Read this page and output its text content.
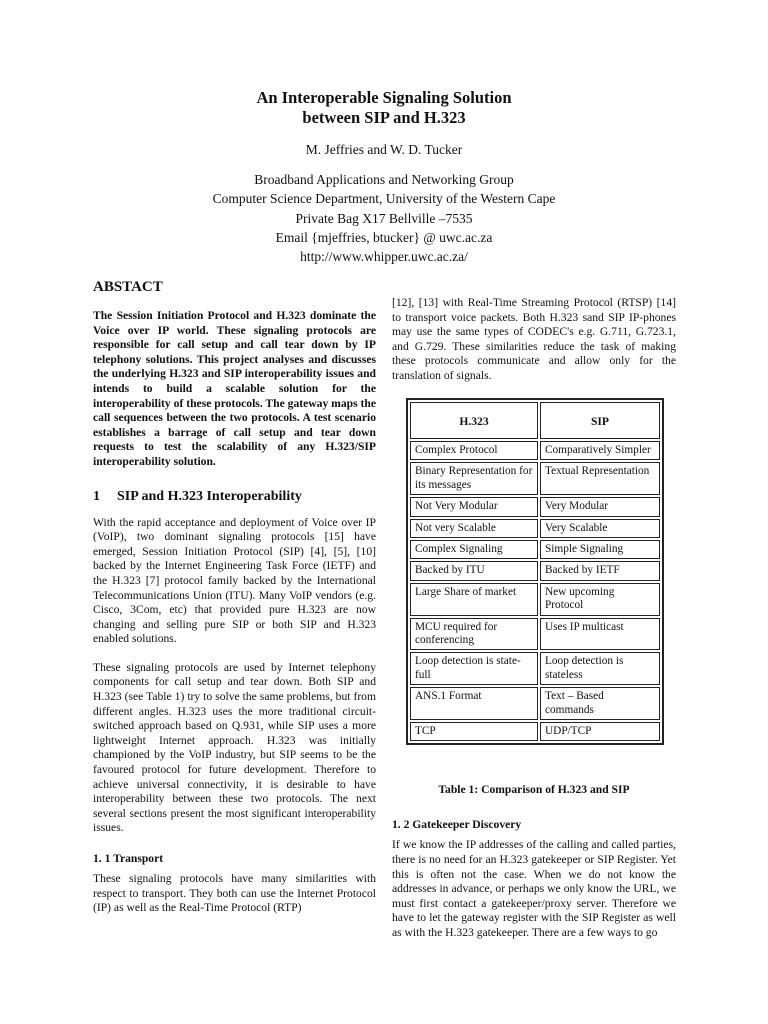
An Interoperable Signaling Solution
between SIP and H.323
M. Jeffries and W. D. Tucker
Broadband Applications and Networking Group
Computer Science Department, University of the Western Cape
Private Bag X17 Bellville –7535
Email {mjeffries, btucker} @ uwc.ac.za
http://www.whipper.uwc.ac.za/
ABSTACT

The Session Initiation Protocol and H.323 dominate the Voice over IP world. These signaling protocols are responsible for call setup and call tear down by IP telephony solutions. This project analyses and discusses the underlying H.323 and SIP interoperability issues and intends to build a scalable solution for the interoperability of these protocols. The gateway maps the call sequences between the two protocols. A test scenario establishes a barrage of call setup and tear down requests to test the scalability of any H.323/SIP interoperability solution.

1 SIP and H.323 Interoperability

With the rapid acceptance and deployment of Voice over IP (VoIP), two dominant signaling protocols [15] have emerged, Session Initiation Protocol (SIP) [4], [5], [10] backed by the Internet Engineering Task Force (IETF) and the H.323 [7] protocol family backed by the International Telecommunications Union (ITU). Many VoIP vendors (e.g. Cisco, 3Com, etc) that provided pure H.323 are now changing and selling pure SIP or both SIP and H.323 enabled solutions.

These signaling protocols are used by Internet telephony components for call setup and tear down. Both SIP and H.323 (see Table 1) try to solve the same problems, but from different angles. H.323 uses the more traditional circuit-switched approach based on Q.931, while SIP uses a more lightweight Internet approach. H.323 was initially championed by the VoIP industry, but SIP seems to be the favoured protocol for future development. Therefore to achieve universal connectivity, it is desirable to have interoperability between these two protocols. The next several sections present the most significant interoperability issues.

1. 1 Transport

These signaling protocols have many similarities with respect to transport. They both can use the Internet Protocol (IP) as well as the Real-Time Protocol (RTP)

[12], [13] with Real-Time Streaming Protocol (RTSP) [14] to transport voice packets. Both H.323 sand SIP IP-phones may use the same types of CODEC's e.g. G.711, G.723.1, and G.729. These similarities reduce the task of making these protocols communicate and allow only for the translation of signals.

H.323	SIP
Complex Protocol	Comparatively Simpler
Binary Representation for its messages	Textual Representation
Not Very Modular	Very Modular
Not very Scalable	Very Scalable
Complex Signaling	Simple Signaling
Backed by ITU	Backed by IETF
Large Share of market	New upcoming Protocol
MCU required for conferencing	Uses IP multicast
Loop detection is state-full	Loop detection is stateless
ANS.1 Format	Text – Based commands
TCP	UDP/TCP
Table 1: Comparison of H.323 and SIP
1. 2 Gatekeeper Discovery

If we know the IP addresses of the calling and called parties, there is no need for an H.323 gatekeeper or SIP Register. Yet this is often not the case. When we do not know the addresses in advance, or perhaps we only know the URL, we must first contact a gatekeeper/proxy server. Therefore we have to let the gateway register with the SIP Register as well as with the H.323 gatekeeper. There are a few ways to go
